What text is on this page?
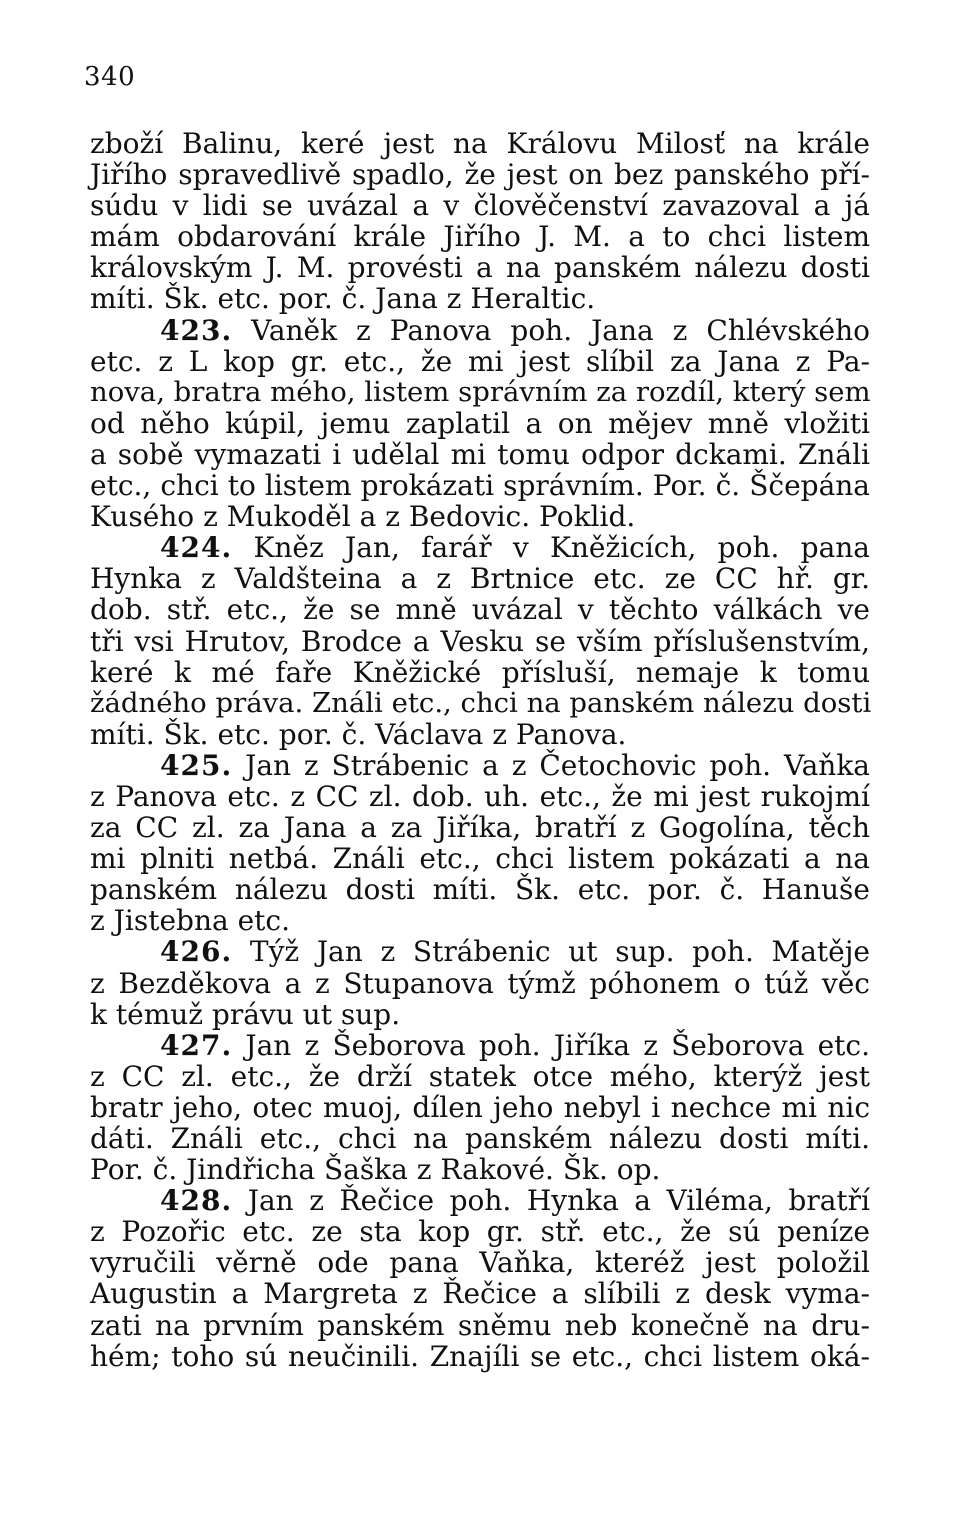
340
zboží Balinu, keré jest na Královu Milosť na krále
Jiřího spravedlivě spadlo, že jest on bez panského pří-
súdu v lidi se uvázal a v člověčenství zavazoval a já
mám obdarování krále Jiřího J. M. a to chci listem
královským J. M. provésti a na panském nálezu dosti
míti. Šk. etc. por. č. Jana z Heraltic.
423. Vaněk z Panova poh. Jana z Chlévského
etc. z L kop gr. etc., že mi jest slíbil za Jana z Pa-
nova, bratra mého, listem správním za rozdíl, který sem
od něho kúpil, jemu zaplatil a on mějev mně vložiti
a sobě vymazati i udělal mi tomu odpor dckami. Ználi
etc., chci to listem prokázati správním. Por. č. Ščepána
Kusého z Mukoděl a z Bedovic. Poklid.
424. Kněz Jan, farář v Kněžicích, poh. pana
Hynka z Valdšteina a z Brtnice etc. ze CC hř. gr.
dob. stř. etc., že se mně uvázal v těchto válkách ve
tři vsi Hrutov, Brodce a Vesku se vším příslušenstvím,
keré k mé faře Kněžické přísluší, nemaje k tomu
žádného práva. Ználi etc., chci na panském nálezu dosti
míti. Šk. etc. por. č. Václava z Panova.
425. Jan z Strábenic a z Četochovic poh. Vaňka
z Panova etc. z CC zl. dob. uh. etc., že mi jest rukojmí
za CC zl. za Jana a za Jiříka, bratří z Gogolína, těch
mi plniti netbá. Ználi etc., chci listem pokázati a na
panském nálezu dosti míti. Šk. etc. por. č. Hanuše
z Jistebna etc.
426. Týž Jan z Strábenic ut sup. poh. Matěje
z Bezděkova a z Stupanova týmž póhonem o túž věc
k témuž právu ut sup.
427. Jan z Šeborova poh. Jiříka z Šeborova etc.
z CC zl. etc., že drží statek otce mého, kterýž jest
bratr jeho, otec muoj, dílen jeho nebyl i nechce mi nic
dáti. Ználi etc., chci na panském nálezu dosti míti.
Por. č. Jindřicha Šaška z Rakové. Šk. op.
428. Jan z Řečice poh. Hynka a Viléma, bratří
z Pozořic etc. ze sta kop gr. stř. etc., že sú peníze
vyručili věrně ode pana Vaňka, kteréž jest položil
Augustin a Margreta z Řečice a slíbili z desk vyma-
zati na prvním panském sněmu neb konečně na dru-
hém; toho sú neučinili. Znajíli se etc., chci listem oká-
